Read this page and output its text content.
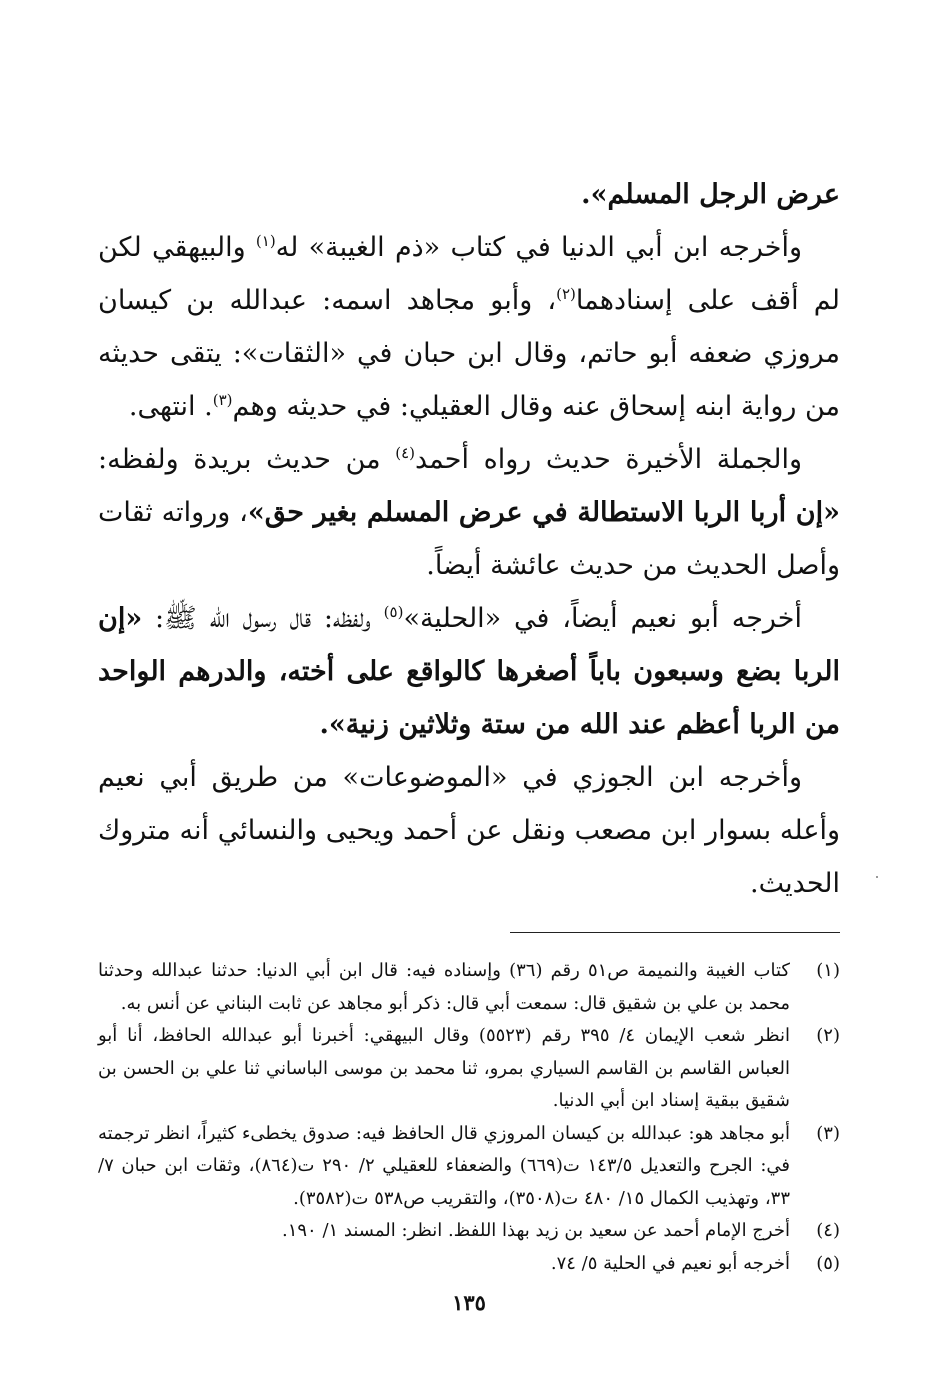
عرض الرجل المسلم».

وأخرجه ابن أبي الدنيا في كتاب «ذم الغيبة» له$^{(١)}$ والبيهقي لكن لم أقف على إسنادهما$^{(٢)}$، وأبو مجاهد اسمه: عبدالله بن كيسان مروزي ضعفه أبو حاتم، وقال ابن حبان في «الثقات»: يتقى حديثه من رواية ابنه إسحاق عنه وقال العقيلي: في حديثه وهم$^{(٣)}$. انتهى.

والجملة الأخيرة حديث رواه أحمد$^{(٤)}$ من حديث بريدة ولفظه: «إن أربا الربا الاستطالة في عرض المسلم بغير حق»، ورواته ثقات وأصل الحديث من حديث عائشة أيضاً.

أخرجه أبو نعيم أيضاً، في «الحلية»$^{(٥)}$ ولفظه: قال رسول الله ﷺ: «إن الربا بضع وسبعون باباً أصغرها كالواقع على أخته، والدرهم الواحد من الربا أعظم عند الله من ستة وثلاثين زنية».

وأخرجه ابن الجوزي في «الموضوعات» من طريق أبي نعيم وأعله بسوار ابن مصعب ونقل عن أحمد ويحيى والنسائي أنه متروك الحديث.

(١)
كتاب الغيبة والنميمة ص٥١ رقم (٣٦) وإسناده فيه: قال ابن أبي الدنيا: حدثنا عبدالله وحدثنا محمد بن علي بن شقيق قال: سمعت أبي قال: ذكر أبو مجاهد عن ثابت البناني عن أنس به.
(٢)
انظر شعب الإيمان ٤/ ٣٩٥ رقم (٥٥٢٣) وقال البيهقي: أخبرنا أبو عبدالله الحافظ، أنا أبو العباس القاسم بن القاسم السياري بمرو، ثنا محمد بن موسى الباساني ثنا علي بن الحسن بن شقيق ببقية إسناد ابن أبي الدنيا.
(٣)
أبو مجاهد هو: عبدالله بن كيسان المروزي قال الحافظ فيه: صدوق يخطىء كثيراً، انظر ترجمته في: الجرح والتعديل ١٤٣/٥ ت(٦٦٩) والضعفاء للعقيلي ٢/ ٢٩٠ ت(٨٦٤)، وثقات ابن حبان ٧/ ٣٣، وتهذيب الكمال ١٥/ ٤٨٠ ت(٣٥٠٨)، والتقريب ص٥٣٨ ت(٣٥٨٢).
(٤)
أخرج الإمام أحمد عن سعيد بن زيد بهذا اللفظ. انظر: المسند ١/ ١٩٠.
(٥)
أخرجه أبو نعيم في الحلية ٥/ ٧٤.
١٣٥
